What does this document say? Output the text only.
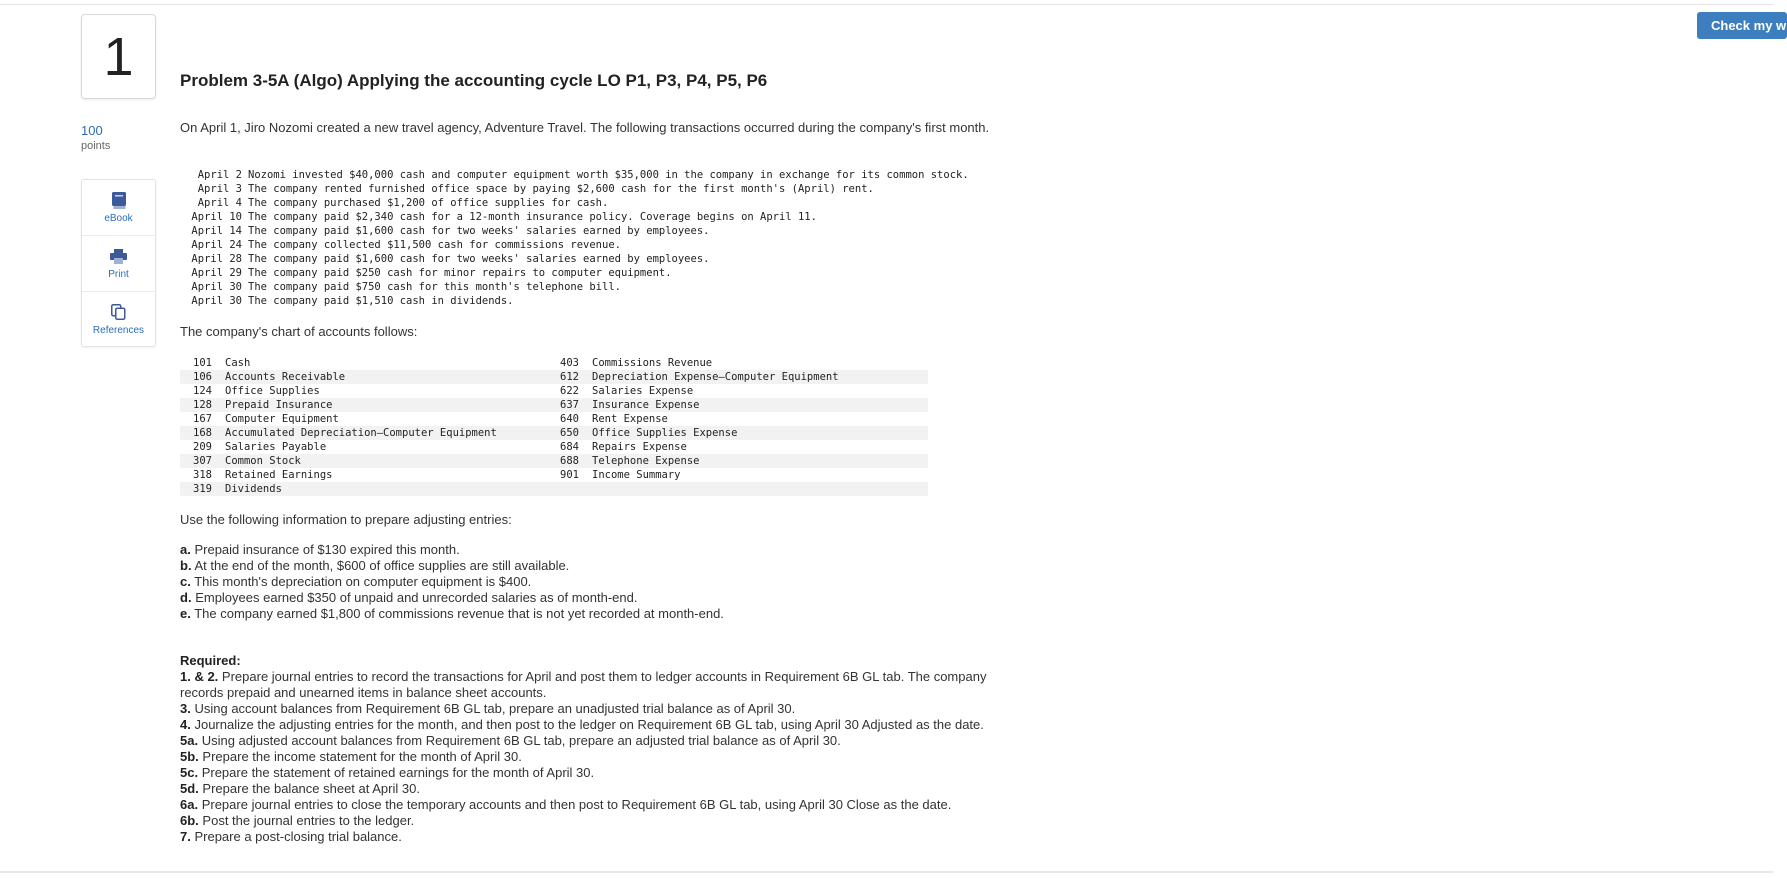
1	Problem 3-5A (Algo) Applying the accounting cycle LO P1, P3, P4, P5, P6
100
points
eBook
Print
References
Check my w
On April 1, Jiro Nozomi created a new travel agency, Adventure Travel. The following transactions occurred during the company's first month.
April 2 Nozomi invested $40,000 cash and computer equipment worth $35,000 in the company in exchange for its common stock.
April 3 The company rented furnished office space by paying $2,600 cash for the first month's (April) rent.
April 4 The company purchased $1,200 of office supplies for cash.
April 10 The company paid $2,340 cash for a 12-month insurance policy. Coverage begins on April 11.
April 14 The company paid $1,600 cash for two weeks' salaries earned by employees.
April 24 The company collected $11,500 cash for commissions revenue.
April 28 The company paid $1,600 cash for two weeks' salaries earned by employees.
April 29 The company paid $250 cash for minor repairs to computer equipment.
April 30 The company paid $750 cash for this month's telephone bill.
April 30 The company paid $1,510 cash in dividends.
The company's chart of accounts follows:
101	Cash	403	Commissions Revenue
106	Accounts Receivable	612	Depreciation Expense—Computer Equipment
124	Office Supplies	622	Salaries Expense
128	Prepaid Insurance	637	Insurance Expense
167	Computer Equipment	640	Rent Expense
168	Accumulated Depreciation—Computer Equipment	650	Office Supplies Expense
209	Salaries Payable	684	Repairs Expense
307	Common Stock	688	Telephone Expense
318	Retained Earnings	901	Income Summary
319	Dividends
Use the following information to prepare adjusting entries:
a. Prepaid insurance of $130 expired this month.
b. At the end of the month, $600 of office supplies are still available.
c. This month's depreciation on computer equipment is $400.
d. Employees earned $350 of unpaid and unrecorded salaries as of month-end.
e. The company earned $1,800 of commissions revenue that is not yet recorded at month-end.
Required:
1. & 2. Prepare journal entries to record the transactions for April and post them to ledger accounts in Requirement 6B GL tab. The company records prepaid and unearned items in balance sheet accounts.
3. Using account balances from Requirement 6B GL tab, prepare an unadjusted trial balance as of April 30.
4. Journalize the adjusting entries for the month, and then post to the ledger on Requirement 6B GL tab, using April 30 Adjusted as the date.
5a. Using adjusted account balances from Requirement 6B GL tab, prepare an adjusted trial balance as of April 30.
5b. Prepare the income statement for the month of April 30.
5c. Prepare the statement of retained earnings for the month of April 30.
5d. Prepare the balance sheet at April 30.
6a. Prepare journal entries to close the temporary accounts and then post to Requirement 6B GL tab, using April 30 Close as the date.
6b. Post the journal entries to the ledger.
7. Prepare a post-closing trial balance.
